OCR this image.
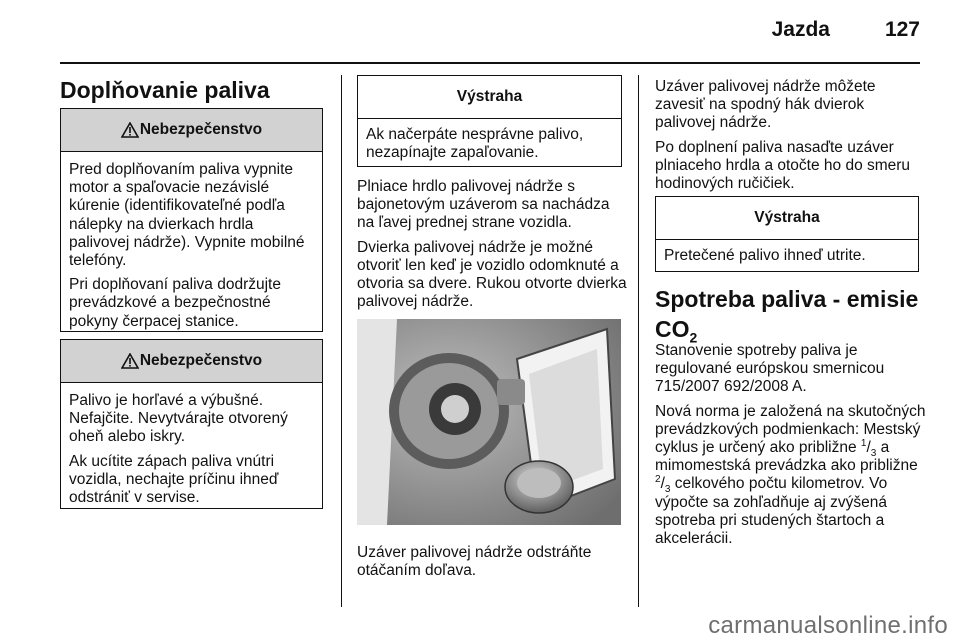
Jazda	127
Doplňovanie paliva
Nebezpečenstvo

Pred doplňovaním paliva vypnite motor a spaľovacie nezávislé kúrenie (identifikovateľné podľa nálepky na dvierkach hrdla palivovej nádrže). Vypnite mobilné telefóny.

Pri doplňovaní paliva dodržujte prevádzkové a bezpečnostné pokyny čerpacej stanice.

Nebezpečenstvo

Palivo je horľavé a výbušné. Nefajčite. Nevytvárajte otvorený oheň alebo iskry.

Ak ucítite zápach paliva vnútri vozidla, nechajte príčinu ihneď odstrániť v servise.

Výstraha

Ak načerpáte nesprávne palivo, nezapínajte zapaľovanie.

Plniace hrdlo palivovej nádrže s bajonetovým uzáverom sa nachádza na ľavej prednej strane vozidla.

Dvierka palivovej nádrže je možné otvoriť len keď je vozidlo odomknuté a otvoria sa dvere. Rukou otvorte dvierka palivovej nádrže.

Uzáver palivovej nádrže odstráňte otáčaním doľava.

Uzáver palivovej nádrže môžete zavesiť na spodný hák dvierok palivovej nádrže.

Po doplnení paliva nasaďte uzáver plniaceho hrdla a otočte ho do smeru hodinových ručičiek.

Výstraha

Pretečené palivo ihneď utrite.

Spotreba paliva - emisie $CO_2$

Stanovenie spotreby paliva je regulované európskou smernicou 715/2007 692/2008 A.

Nová norma je založená na skutočných prevádzkových podmienkach: Mestský cyklus je určený ako približne $^1/_3$ a mimomestská prevádzka ako približne $^2/_3$ celkového počtu kilometrov. Vo výpočte sa zohľadňuje aj zvýšená spotreba pri studených štartoch a akcelerácii.

carmanualsonline.info
